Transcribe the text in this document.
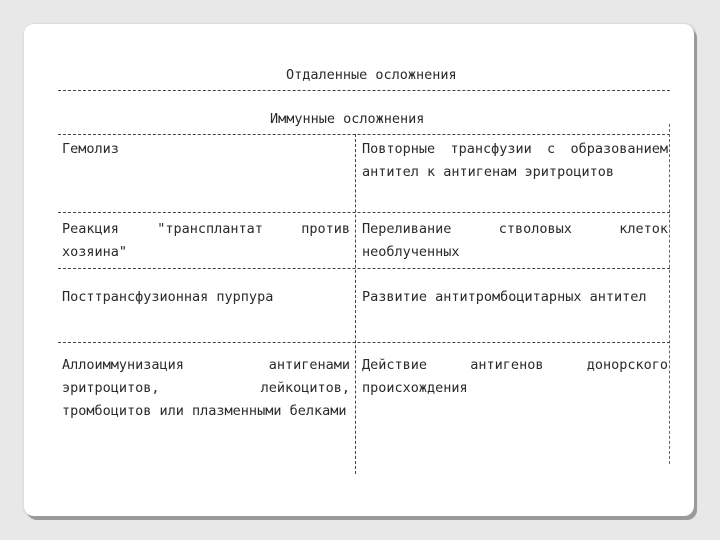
Отдаленные осложнения
Иммунные осложнения
Гемолиз	Повторные трансфузии с образованием антител к антигенам эритроцитов
Реакция "трансплантат против хозяина"
Переливание стволовых клеток необлученных
Посттрансфузионная пурпура	Развитие антитромбоцитарных антител
Аллоиммунизация антигенами эритроцитов, лейкоцитов, тромбоцитов или плазменными белками
Действие антигенов донорского происхождения
